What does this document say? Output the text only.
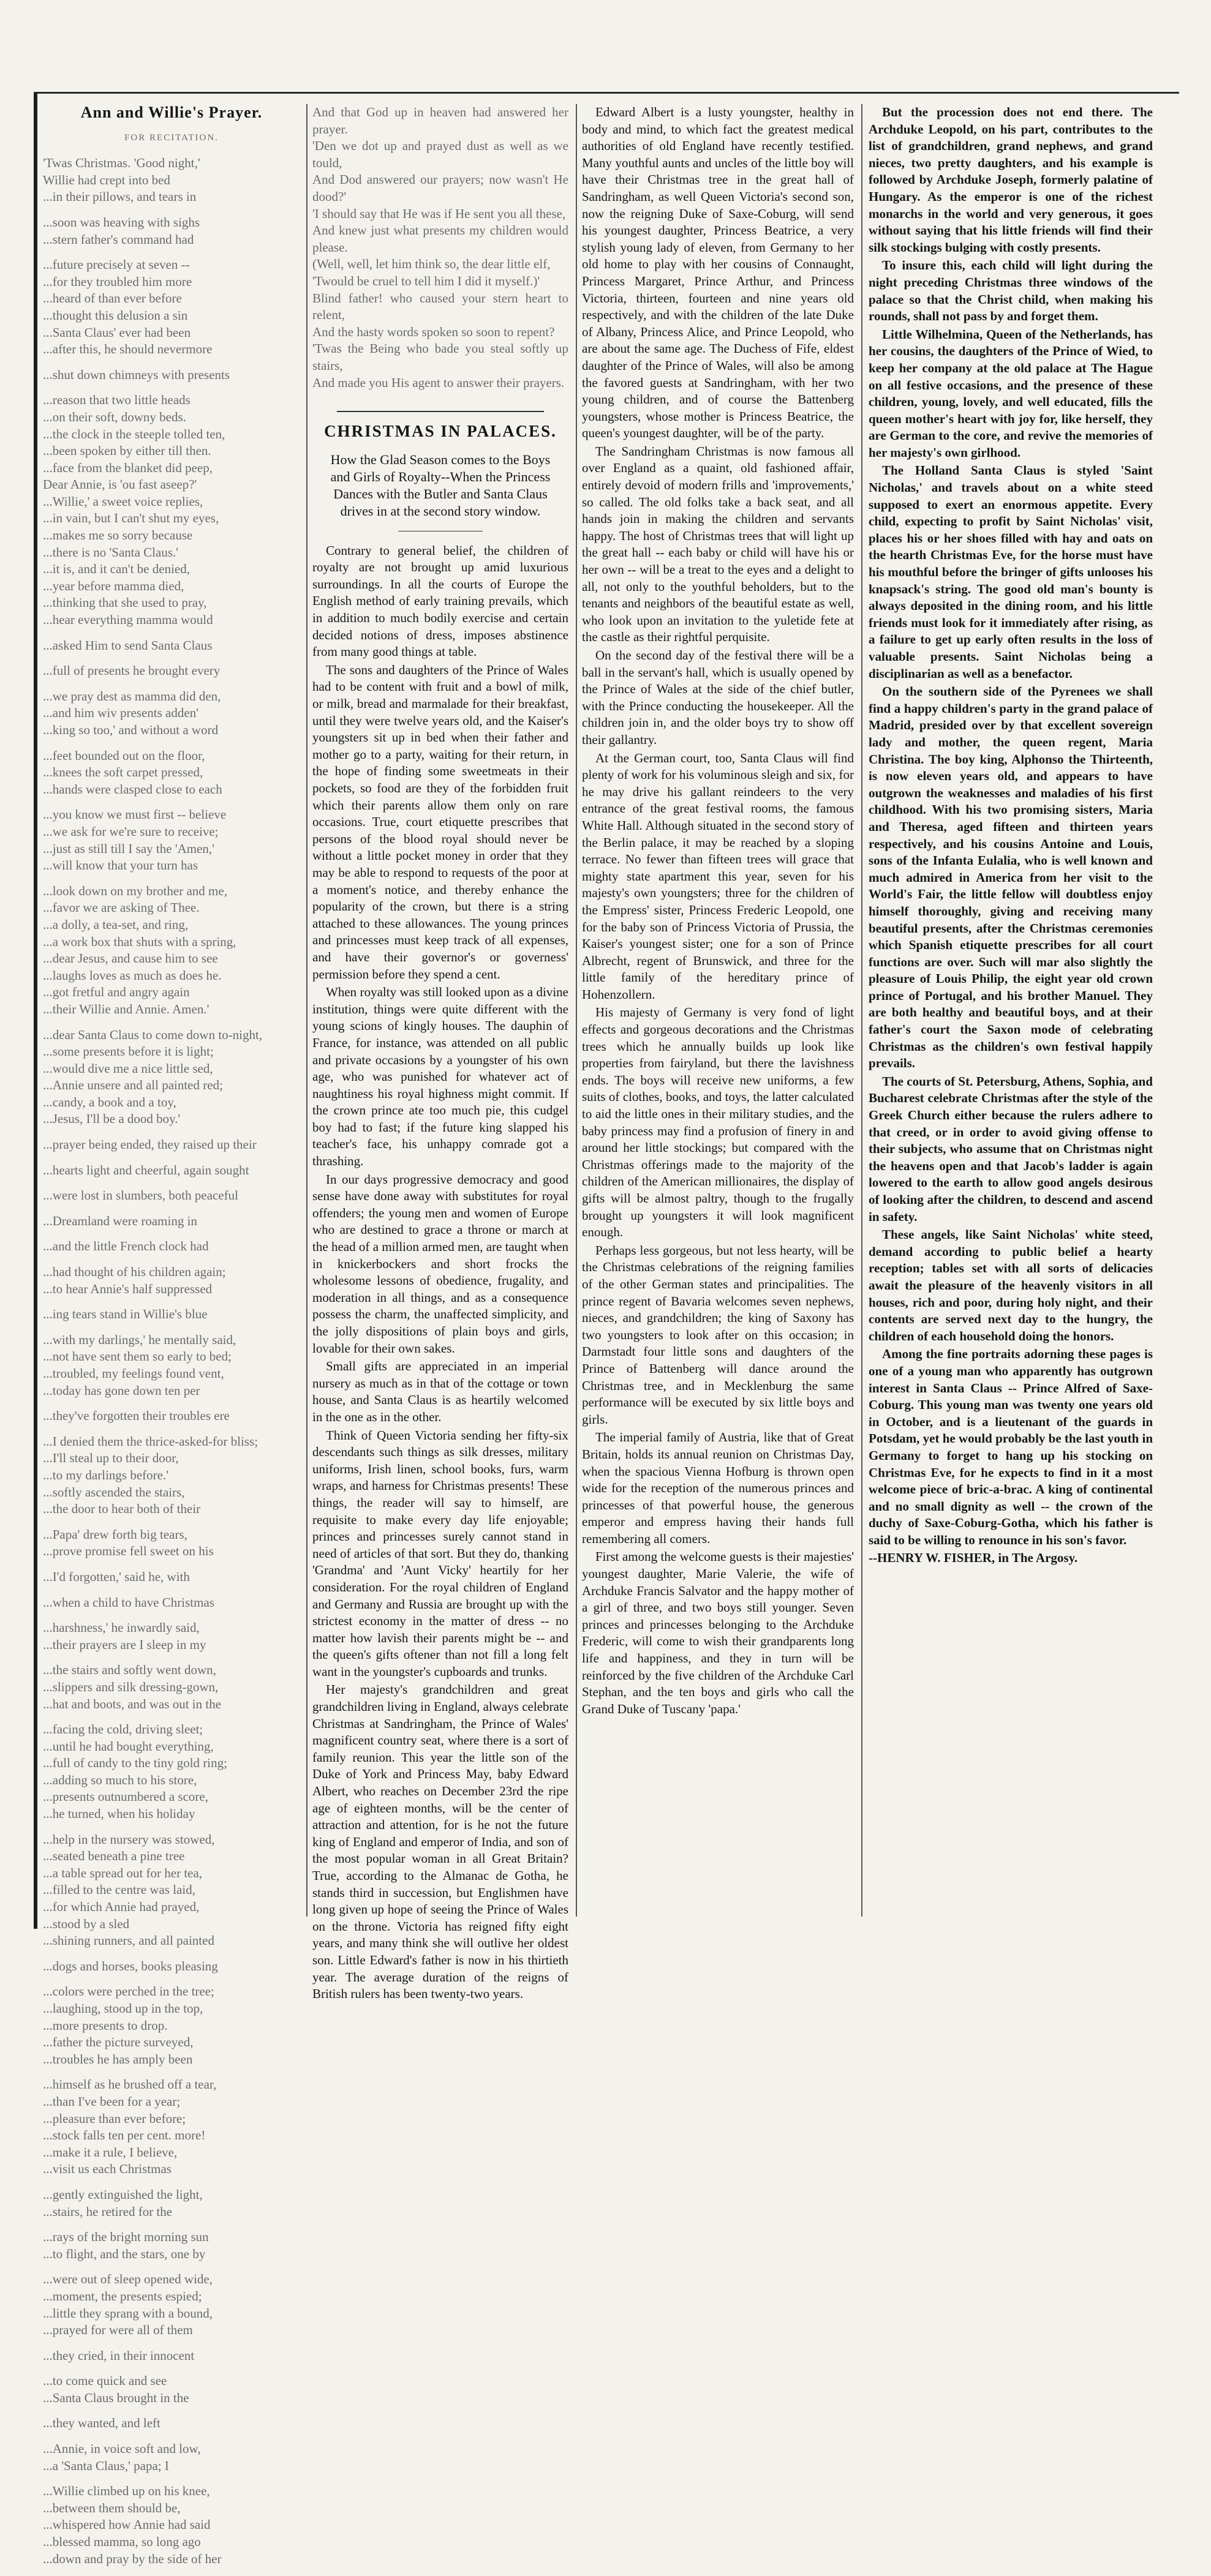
Ann and Willie's Prayer.
FOR RECITATION.

'Twas Christmas. 'Good night,'

Willie had crept into bed

...in their pillows, and tears in

...soon was heaving with sighs

...stern father's command had

...future precisely at seven --

...for they troubled him more

...heard of than ever before

...thought this delusion a sin

...Santa Claus' ever had been

...after this, he should nevermore

...shut down chimneys with presents

...reason that two little heads

...on their soft, downy beds.

...the clock in the steeple tolled ten,

...been spoken by either till then.

...face from the blanket did peep,

Dear Annie, is 'ou fast aseep?'

...Willie,' a sweet voice replies,

...in vain, but I can't shut my eyes,

...makes me so sorry because

...there is no 'Santa Claus.'

...it is, and it can't be denied,

...year before mamma died,

...thinking that she used to pray,

...hear everything mamma would

...asked Him to send Santa Claus

...full of presents he brought every

...we pray dest as mamma did den,

...and him wiv presents adden'

...king so too,' and without a word

...feet bounded out on the floor,

...knees the soft carpet pressed,

...hands were clasped close to each

...you know we must first -- believe

...we ask for we're sure to receive;

...just as still till I say the 'Amen,'

...will know that your turn has

...look down on my brother and me,

...favor we are asking of Thee.

...a dolly, a tea-set, and ring,

...a work box that shuts with a spring,

...dear Jesus, and cause him to see

...laughs loves as much as does he.

...got fretful and angry again

...their Willie and Annie. Amen.'

...dear Santa Claus to come down to-night,

...some presents before it is light;

...would dive me a nice little sed,

...Annie unsere and all painted red;

...candy, a book and a toy,

...Jesus, I'll be a dood boy.'

...prayer being ended, they raised up their

...hearts light and cheerful, again sought

...were lost in slumbers, both peaceful

...Dreamland were roaming in

...and the little French clock had

...had thought of his children again;

...to hear Annie's half suppressed

...ing tears stand in Willie's blue

...with my darlings,' he mentally said,

...not have sent them so early to bed;

...troubled, my feelings found vent,

...today has gone down ten per

...they've forgotten their troubles ere

...I denied them the thrice-asked-for bliss;

...I'll steal up to their door,

...to my darlings before.'

...softly ascended the stairs,

...the door to hear both of their

...Papa' drew forth big tears,

...prove promise fell sweet on his

...I'd forgotten,' said he, with

...when a child to have Christmas

...harshness,' he inwardly said,

...their prayers are I sleep in my

...the stairs and softly went down,

...slippers and silk dressing-gown,

...hat and boots, and was out in the

...facing the cold, driving sleet;

...until he had bought everything,

...full of candy to the tiny gold ring;

...adding so much to his store,

...presents outnumbered a score,

...he turned, when his holiday

...help in the nursery was stowed,

...seated beneath a pine tree

...a table spread out for her tea,

...filled to the centre was laid,

...for which Annie had prayed,

...stood by a sled

...shining runners, and all painted

...dogs and horses, books pleasing

...colors were perched in the tree;

...laughing, stood up in the top,

...more presents to drop.

...father the picture surveyed,

...troubles he has amply been

...himself as he brushed off a tear,

...than I've been for a year;

...pleasure than ever before;

...stock falls ten per cent. more!

...make it a rule, I believe,

...visit us each Christmas

...gently extinguished the light,

...stairs, he retired for the

...rays of the bright morning sun

...to flight, and the stars, one by

...were out of sleep opened wide,

...moment, the presents espied;

...little they sprang with a bound,

...prayed for were all of them

...they cried, in their innocent

...to come quick and see

...Santa Claus brought in the

...they wanted, and left

...Annie, in voice soft and low,

...a 'Santa Claus,' papa; I

...Willie climbed up on his knee,

...between them should be,

...whispered how Annie had said

...blessed mamma, so long ago

...down and pray by the side of her

And that God up in heaven had answered her prayer.

'Den we dot up and prayed dust as well as we tould,

And Dod answered our prayers; now wasn't He dood?'

'I should say that He was if He sent you all these,

And knew just what presents my children would please.

(Well, well, let him think so, the dear little elf,

'Twould be cruel to tell him I did it myself.)'

Blind father! who caused your stern heart to relent,

And the hasty words spoken so soon to repent?

'Twas the Being who bade you steal softly up stairs,

And made you His agent to answer their prayers.

CHRISTMAS IN PALACES.
How the Glad Season comes to the Boys and Girls of Royalty--When the Princess Dances with the Butler and Santa Claus drives in at the second story window.

Contrary to general belief, the children of royalty are not brought up amid luxurious surroundings. In all the courts of Europe the English method of early training prevails, which in addition to much bodily exercise and certain decided notions of dress, imposes abstinence from many good things at table.

The sons and daughters of the Prince of Wales had to be content with fruit and a bowl of milk, or milk, bread and marmalade for their breakfast, until they were twelve years old, and the Kaiser's youngsters sit up in bed when their father and mother go to a party, waiting for their return, in the hope of finding some sweetmeats in their pockets, so food are they of the forbidden fruit which their parents allow them only on rare occasions. True, court etiquette prescribes that persons of the blood royal should never be without a little pocket money in order that they may be able to respond to requests of the poor at a moment's notice, and thereby enhance the popularity of the crown, but there is a string attached to these allowances. The young princes and princesses must keep track of all expenses, and have their governor's or governess' permission before they spend a cent.

When royalty was still looked upon as a divine institution, things were quite different with the young scions of kingly houses. The dauphin of France, for instance, was attended on all public and private occasions by a youngster of his own age, who was punished for whatever act of naughtiness his royal highness might commit. If the crown prince ate too much pie, this cudgel boy had to fast; if the future king slapped his teacher's face, his unhappy comrade got a thrashing.

In our days progressive democracy and good sense have done away with substitutes for royal offenders; the young men and women of Europe who are destined to grace a throne or march at the head of a million armed men, are taught when in knickerbockers and short frocks the wholesome lessons of obedience, frugality, and moderation in all things, and as a consequence possess the charm, the unaffected simplicity, and the jolly dispositions of plain boys and girls, lovable for their own sakes.

Small gifts are appreciated in an imperial nursery as much as in that of the cottage or town house, and Santa Claus is as heartily welcomed in the one as in the other.

Think of Queen Victoria sending her fifty-six descendants such things as silk dresses, military uniforms, Irish linen, school books, furs, warm wraps, and harness for Christmas presents! These things, the reader will say to himself, are requisite to make every day life enjoyable; princes and princesses surely cannot stand in need of articles of that sort. But they do, thanking 'Grandma' and 'Aunt Vicky' heartily for her consideration. For the royal children of England and Germany and Russia are brought up with the strictest economy in the matter of dress -- no matter how lavish their parents might be -- and the queen's gifts oftener than not fill a long felt want in the youngster's cupboards and trunks.

Her majesty's grandchildren and great grandchildren living in England, always celebrate Christmas at Sandringham, the Prince of Wales' magnificent country seat, where there is a sort of family reunion. This year the little son of the Duke of York and Princess May, baby Edward Albert, who reaches on December 23rd the ripe age of eighteen months, will be the center of attraction and attention, for is he not the future king of England and emperor of India, and son of the most popular woman in all Great Britain? True, according to the Almanac de Gotha, he stands third in succession, but Englishmen have long given up hope of seeing the Prince of Wales on the throne. Victoria has reigned fifty eight years, and many think she will outlive her oldest son. Little Edward's father is now in his thirtieth year. The average duration of the reigns of British rulers has been twenty-two years.

Edward Albert is a lusty youngster, healthy in body and mind, to which fact the greatest medical authorities of old England have recently testified. Many youthful aunts and uncles of the little boy will have their Christmas tree in the great hall of Sandringham, as well Queen Victoria's second son, now the reigning Duke of Saxe-Coburg, will send his youngest daughter, Princess Beatrice, a very stylish young lady of eleven, from Germany to her old home to play with her cousins of Connaught, Princess Margaret, Prince Arthur, and Princess Victoria, thirteen, fourteen and nine years old respectively, and with the children of the late Duke of Albany, Princess Alice, and Prince Leopold, who are about the same age. The Duchess of Fife, eldest daughter of the Prince of Wales, will also be among the favored guests at Sandringham, with her two young children, and of course the Battenberg youngsters, whose mother is Princess Beatrice, the queen's youngest daughter, will be of the party.

The Sandringham Christmas is now famous all over England as a quaint, old fashioned affair, entirely devoid of modern frills and 'improvements,' so called. The old folks take a back seat, and all hands join in making the children and servants happy. The host of Christmas trees that will light up the great hall -- each baby or child will have his or her own -- will be a treat to the eyes and a delight to all, not only to the youthful beholders, but to the tenants and neighbors of the beautiful estate as well, who look upon an invitation to the yuletide fete at the castle as their rightful perquisite.

On the second day of the festival there will be a ball in the servant's hall, which is usually opened by the Prince of Wales at the side of the chief butler, with the Prince conducting the housekeeper. All the children join in, and the older boys try to show off their gallantry.

At the German court, too, Santa Claus will find plenty of work for his voluminous sleigh and six, for he may drive his gallant reindeers to the very entrance of the great festival rooms, the famous White Hall. Although situated in the second story of the Berlin palace, it may be reached by a sloping terrace. No fewer than fifteen trees will grace that mighty state apartment this year, seven for his majesty's own youngsters; three for the children of the Empress' sister, Princess Frederic Leopold, one for the baby son of Princess Victoria of Prussia, the Kaiser's youngest sister; one for a son of Prince Albrecht, regent of Brunswick, and three for the little family of the hereditary prince of Hohenzollern.

His majesty of Germany is very fond of light effects and gorgeous decorations and the Christmas trees which he annually builds up look like properties from fairyland, but there the lavishness ends. The boys will receive new uniforms, a few suits of clothes, books, and toys, the latter calculated to aid the little ones in their military studies, and the baby princess may find a profusion of finery in and around her little stockings; but compared with the Christmas offerings made to the majority of the children of the American millionaires, the display of gifts will be almost paltry, though to the frugally brought up youngsters it will look magnificent enough.

Perhaps less gorgeous, but not less hearty, will be the Christmas celebrations of the reigning families of the other German states and principalities. The prince regent of Bavaria welcomes seven nephews, nieces, and grandchildren; the king of Saxony has two youngsters to look after on this occasion; in Darmstadt four little sons and daughters of the Prince of Battenberg will dance around the Christmas tree, and in Mecklenburg the same performance will be executed by six little boys and girls.

The imperial family of Austria, like that of Great Britain, holds its annual reunion on Christmas Day, when the spacious Vienna Hofburg is thrown open wide for the reception of the numerous princes and princesses of that powerful house, the generous emperor and empress having their hands full remembering all comers.

First among the welcome guests is their majesties' youngest daughter, Marie Valerie, the wife of Archduke Francis Salvator and the happy mother of a girl of three, and two boys still younger. Seven princes and princesses belonging to the Archduke Frederic, will come to wish their grandparents long life and happiness, and they in turn will be reinforced by the five children of the Archduke Carl Stephan, and the ten boys and girls who call the Grand Duke of Tuscany 'papa.'

But the procession does not end there. The Archduke Leopold, on his part, contributes to the list of grandchildren, grand nephews, and grand nieces, two pretty daughters, and his example is followed by Archduke Joseph, formerly palatine of Hungary. As the emperor is one of the richest monarchs in the world and very generous, it goes without saying that his little friends will find their silk stockings bulging with costly presents.

To insure this, each child will light during the night preceding Christmas three windows of the palace so that the Christ child, when making his rounds, shall not pass by and forget them.

Little Wilhelmina, Queen of the Netherlands, has her cousins, the daughters of the Prince of Wied, to keep her company at the old palace at The Hague on all festive occasions, and the presence of these children, young, lovely, and well educated, fills the queen mother's heart with joy for, like herself, they are German to the core, and revive the memories of her majesty's own girlhood.

The Holland Santa Claus is styled 'Saint Nicholas,' and travels about on a white steed supposed to exert an enormous appetite. Every child, expecting to profit by Saint Nicholas' visit, places his or her shoes filled with hay and oats on the hearth Christmas Eve, for the horse must have his mouthful before the bringer of gifts unlooses his knapsack's string. The good old man's bounty is always deposited in the dining room, and his little friends must look for it immediately after rising, as a failure to get up early often results in the loss of valuable presents. Saint Nicholas being a disciplinarian as well as a benefactor.

On the southern side of the Pyrenees we shall find a happy children's party in the grand palace of Madrid, presided over by that excellent sovereign lady and mother, the queen regent, Maria Christina. The boy king, Alphonso the Thirteenth, is now eleven years old, and appears to have outgrown the weaknesses and maladies of his first childhood. With his two promising sisters, Maria and Theresa, aged fifteen and thirteen years respectively, and his cousins Antoine and Louis, sons of the Infanta Eulalia, who is well known and much admired in America from her visit to the World's Fair, the little fellow will doubtless enjoy himself thoroughly, giving and receiving many beautiful presents, after the Christmas ceremonies which Spanish etiquette prescribes for all court functions are over. Such will mar also slightly the pleasure of Louis Philip, the eight year old crown prince of Portugal, and his brother Manuel. They are both healthy and beautiful boys, and at their father's court the Saxon mode of celebrating Christmas as the children's own festival happily prevails.

The courts of St. Petersburg, Athens, Sophia, and Bucharest celebrate Christmas after the style of the Greek Church either because the rulers adhere to that creed, or in order to avoid giving offense to their subjects, who assume that on Christmas night the heavens open and that Jacob's ladder is again lowered to the earth to allow good angels desirous of looking after the children, to descend and ascend in safety.

These angels, like Saint Nicholas' white steed, demand according to public belief a hearty reception; tables set with all sorts of delicacies await the pleasure of the heavenly visitors in all houses, rich and poor, during holy night, and their contents are served next day to the hungry, the children of each household doing the honors.

Among the fine portraits adorning these pages is one of a young man who apparently has outgrown interest in Santa Claus -- Prince Alfred of Saxe-Coburg. This young man was twenty one years old in October, and is a lieutenant of the guards in Potsdam, yet he would probably be the last youth in Germany to forget to hang up his stocking on Christmas Eve, for he expects to find in it a most welcome piece of bric-a-brac. A king of continental and no small dignity as well -- the crown of the duchy of Saxe-Coburg-Gotha, which his father is said to be willing to renounce in his son's favor.

--HENRY W. FISHER, in The Argosy.
